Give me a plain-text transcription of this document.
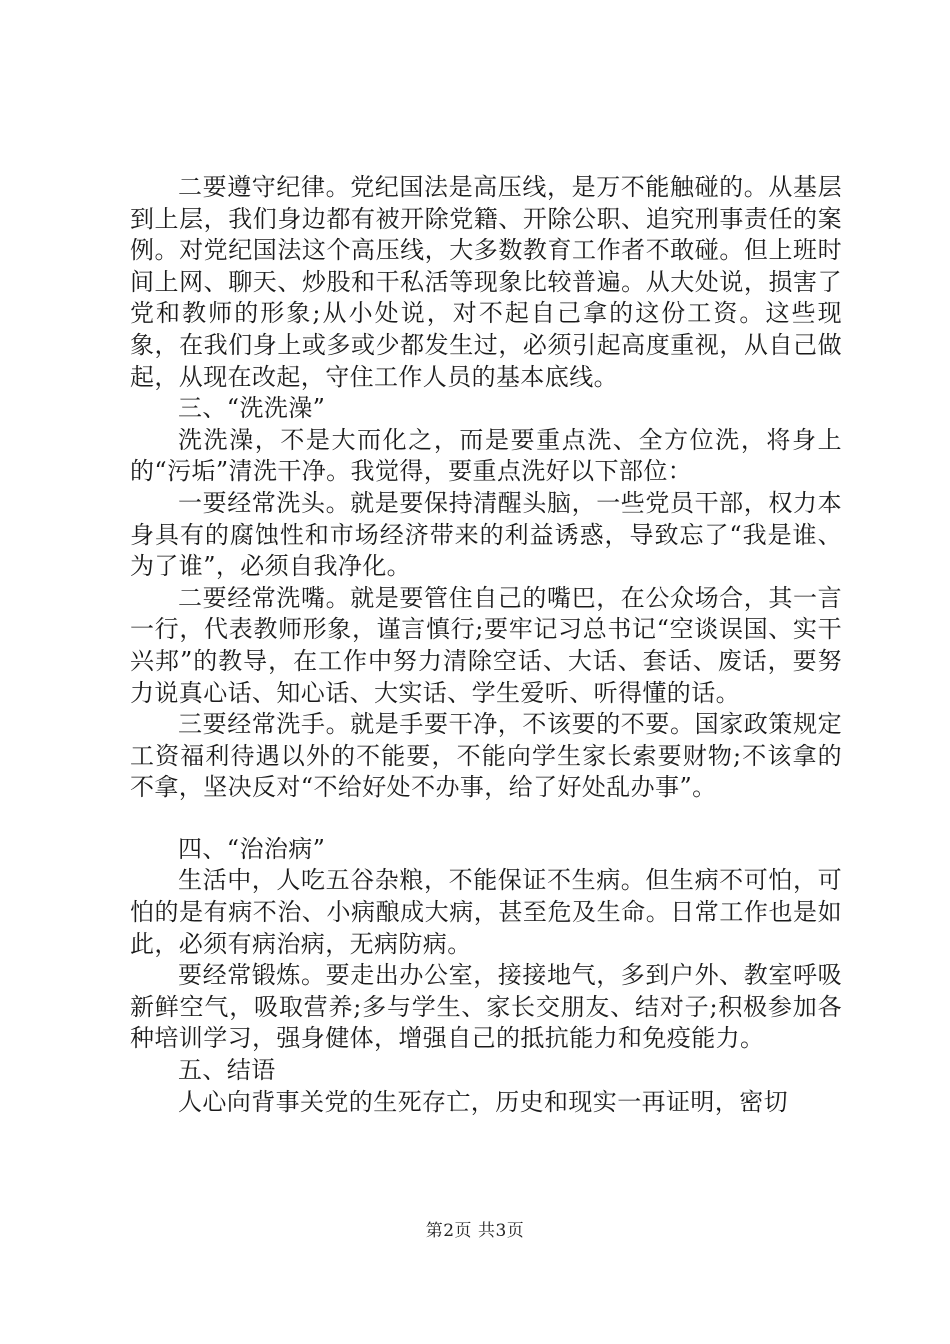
二要遵守纪律。党纪国法是高压线，是万不能触碰的。从基层到上层，我们身边都有被开除党籍、开除公职、追究刑事责任的案例。对党纪国法这个高压线，大多数教育工作者不敢碰。但上班时间上网、聊天、炒股和干私活等现象比较普遍。从大处说，损害了党和教师的形象;从小处说，对不起自己拿的这份工资。这些现象，在我们身上或多或少都发生过，必须引起高度重视，从自己做起，从现在改起，守住工作人员的基本底线。

三、“洗洗澡”

洗洗澡，不是大而化之，而是要重点洗、全方位洗，将身上的“污垢”清洗干净。我觉得，要重点洗好以下部位：

一要经常洗头。就是要保持清醒头脑，一些党员干部，权力本身具有的腐蚀性和市场经济带来的利益诱惑，导致忘了“我是谁、为了谁”，必须自我净化。

二要经常洗嘴。就是要管住自己的嘴巴，在公众场合，其一言一行，代表教师形象，谨言慎行;要牢记习总书记“空谈误国、实干兴邦”的教导，在工作中努力清除空话、大话、套话、废话，要努力说真心话、知心话、大实话、学生爱听、听得懂的话。

三要经常洗手。就是手要干净，不该要的不要。国家政策规定工资福利待遇以外的不能要，不能向学生家长索要财物;不该拿的不拿，坚决反对“不给好处不办事，给了好处乱办事”。

四、“治治病”

生活中，人吃五谷杂粮，不能保证不生病。但生病不可怕，可怕的是有病不治、小病酿成大病，甚至危及生命。日常工作也是如此，必须有病治病，无病防病。

要经常锻炼。要走出办公室，接接地气，多到户外、教室呼吸新鲜空气，吸取营养;多与学生、家长交朋友、结对子;积极参加各种培训学习，强身健体，增强自己的抵抗能力和免疫能力。

五、结语

人心向背事关党的生死存亡，历史和现实一再证明，密切

第2页 共3页
